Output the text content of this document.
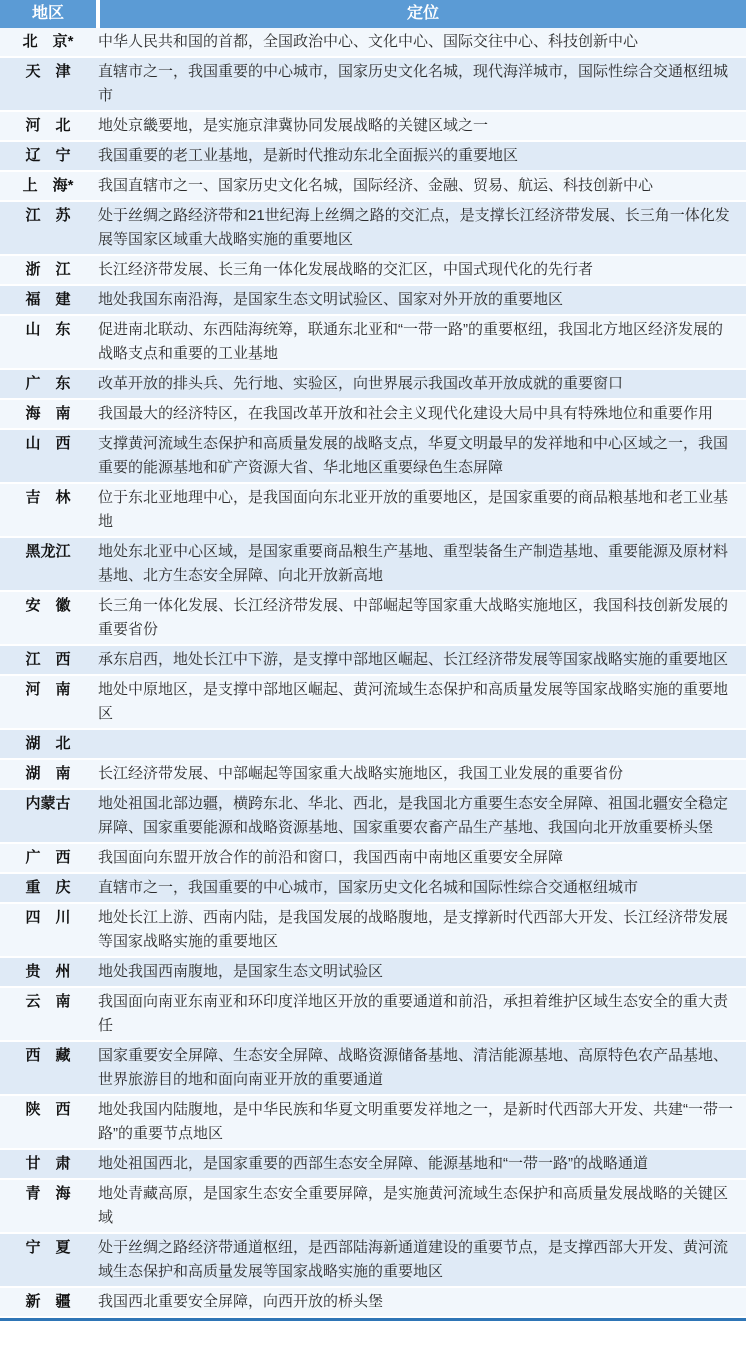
地区	定位
北　京*	中华人民共和国的首都，全国政治中心、文化中心、国际交往中心、科技创新中心
天　津	直辖市之一，我国重要的中心城市，国家历史文化名城，现代海洋城市，国际性综合交通枢纽城市
河　北	地处京畿要地，是实施京津冀协同发展战略的关键区域之一
辽　宁	我国重要的老工业基地，是新时代推动东北全面振兴的重要地区
上　海*	我国直辖市之一、国家历史文化名城，国际经济、金融、贸易、航运、科技创新中心
江　苏	处于丝绸之路经济带和21世纪海上丝绸之路的交汇点，是支撑长江经济带发展、长三角一体化发展等国家区域重大战略实施的重要地区
浙　江	长江经济带发展、长三角一体化发展战略的交汇区，中国式现代化的先行者
福　建	地处我国东南沿海，是国家生态文明试验区、国家对外开放的重要地区
山　东	促进南北联动、东西陆海统筹，联通东北亚和“一带一路”的重要枢纽，我国北方地区经济发展的战略支点和重要的工业基地
广　东	改革开放的排头兵、先行地、实验区，向世界展示我国改革开放成就的重要窗口
海　南	我国最大的经济特区，在我国改革开放和社会主义现代化建设大局中具有特殊地位和重要作用
山　西	支撑黄河流域生态保护和高质量发展的战略支点，华夏文明最早的发祥地和中心区域之一，我国重要的能源基地和矿产资源大省、华北地区重要绿色生态屏障
吉　林	位于东北亚地理中心，是我国面向东北亚开放的重要地区，是国家重要的商品粮基地和老工业基地
黑龙江	地处东北亚中心区域，是国家重要商品粮生产基地、重型装备生产制造基地、重要能源及原材料基地、北方生态安全屏障、向北开放新高地
安　徽	长三角一体化发展、长江经济带发展、中部崛起等国家重大战略实施地区，我国科技创新发展的重要省份
江　西	承东启西，地处长江中下游，是支撑中部地区崛起、长江经济带发展等国家战略实施的重要地区
河　南	地处中原地区，是支撑中部地区崛起、黄河流域生态保护和高质量发展等国家战略实施的重要地区
湖　北
湖　南	长江经济带发展、中部崛起等国家重大战略实施地区，我国工业发展的重要省份
内蒙古	地处祖国北部边疆，横跨东北、华北、西北，是我国北方重要生态安全屏障、祖国北疆安全稳定屏障、国家重要能源和战略资源基地、国家重要农畜产品生产基地、我国向北开放重要桥头堡
广　西	我国面向东盟开放合作的前沿和窗口，我国西南中南地区重要安全屏障
重　庆	直辖市之一，我国重要的中心城市，国家历史文化名城和国际性综合交通枢纽城市
四　川	地处长江上游、西南内陆，是我国发展的战略腹地，是支撑新时代西部大开发、长江经济带发展等国家战略实施的重要地区
贵　州	地处我国西南腹地，是国家生态文明试验区
云　南	我国面向南亚东南亚和环印度洋地区开放的重要通道和前沿，承担着维护区域生态安全的重大责任
西　藏	国家重要安全屏障、生态安全屏障、战略资源储备基地、清洁能源基地、高原特色农产品基地、世界旅游目的地和面向南亚开放的重要通道
陕　西	地处我国内陆腹地，是中华民族和华夏文明重要发祥地之一，是新时代西部大开发、共建“一带一路”的重要节点地区
甘　肃	地处祖国西北，是国家重要的西部生态安全屏障、能源基地和“一带一路”的战略通道
青　海	地处青藏高原，是国家生态安全重要屏障，是实施黄河流域生态保护和高质量发展战略的关键区域
宁　夏	处于丝绸之路经济带通道枢纽，是西部陆海新通道建设的重要节点，是支撑西部大开发、黄河流域生态保护和高质量发展等国家战略实施的重要地区
新　疆	我国西北重要安全屏障，向西开放的桥头堡
